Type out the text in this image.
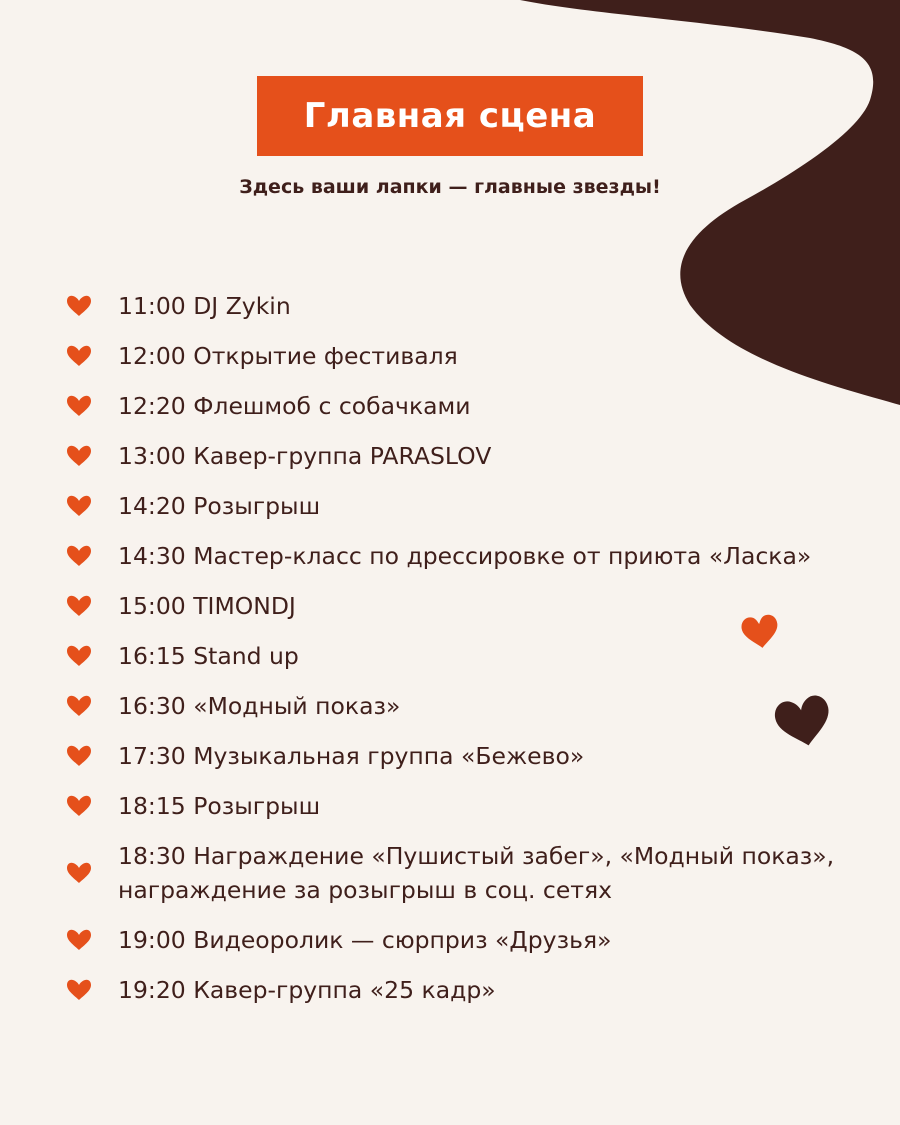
Главная сцена
Здесь ваши лапки — главные звезды!
11:00 DJ Zykin
12:00 Открытие фестиваля
12:20 Флешмоб с собачками
13:00 Кавер-группа PARASLOV
14:20 Розыгрыш
14:30 Мастер-класс по дрессировке от приюта «Ласка»
15:00 TIMONDJ
16:15 Stand up
16:30 «Модный показ»
17:30 Музыкальная группа «Бежево»
18:15 Розыгрыш
18:30 Награждение «Пушистый забег», «Модный показ»,
награждение за розыгрыш в соц. сетях
19:00 Видеоролик — сюрприз «Друзья»
19:20 Кавер-группа «25 кадр»
